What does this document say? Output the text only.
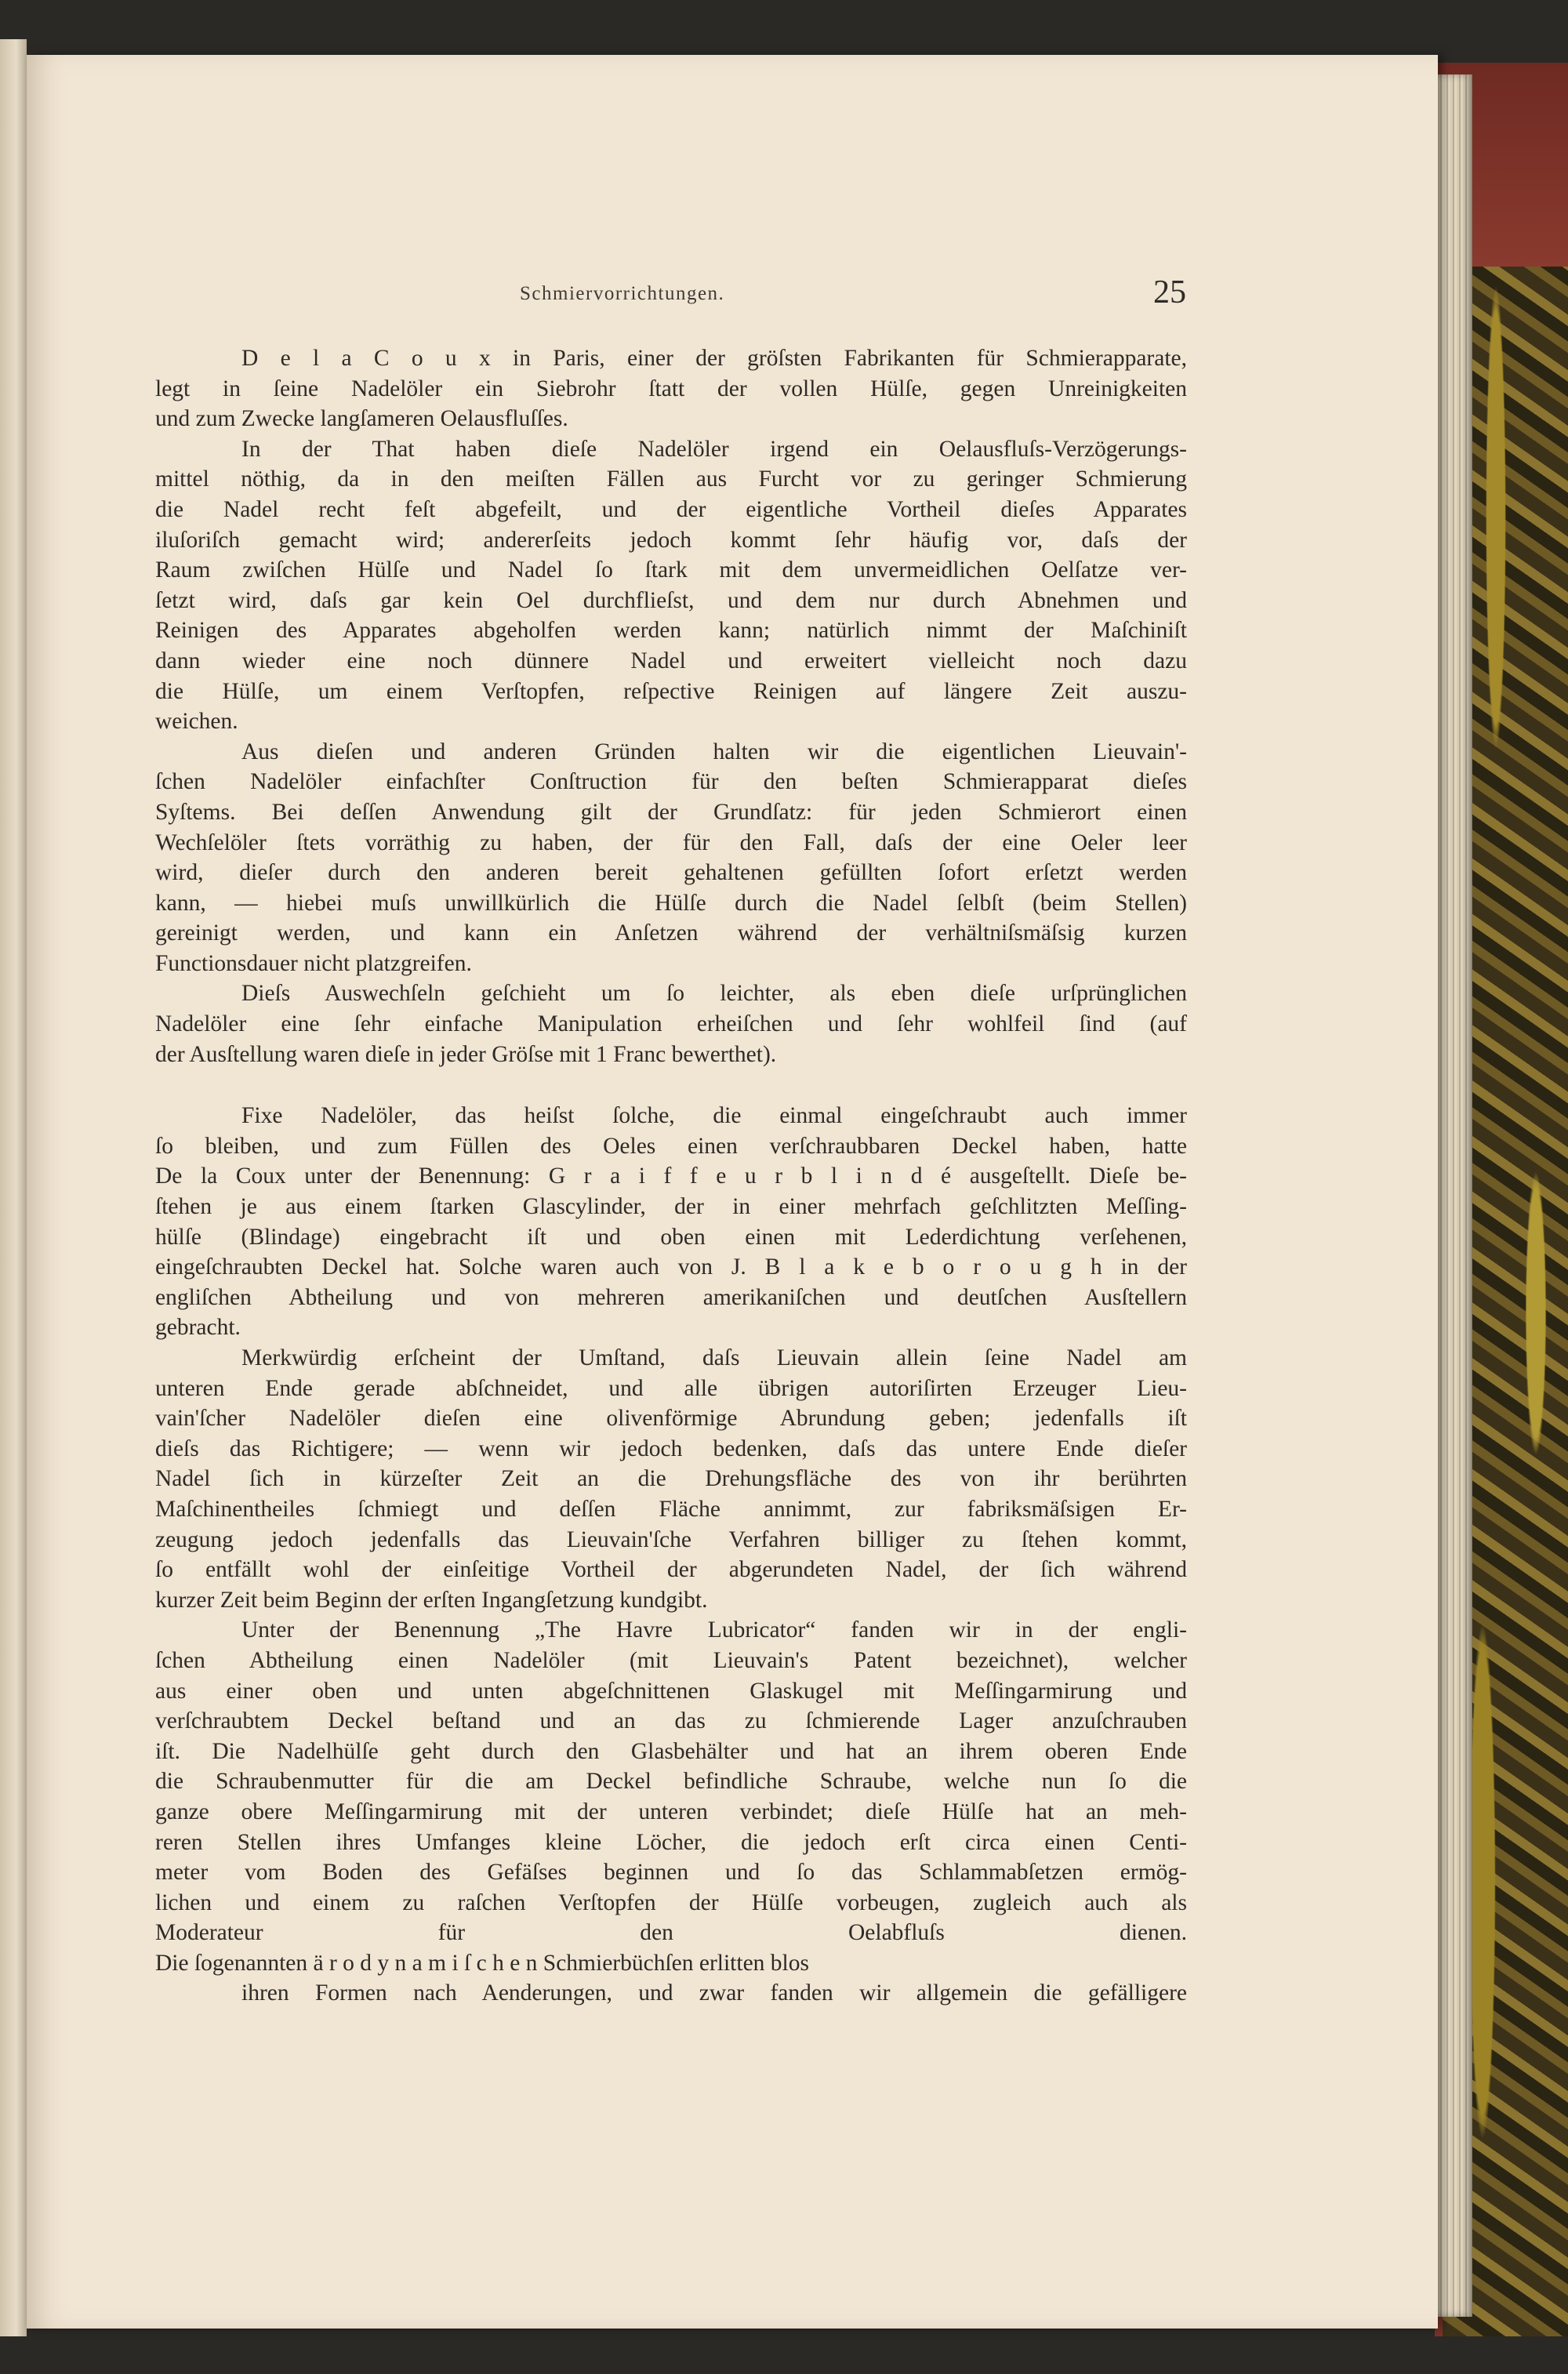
Schmiervorrichtungen.	25
D e l a C o u x in Paris, einer der gröſsten Fabrikanten für Schmierapparate,
legt in ſeine Nadelöler ein Siebrohr ſtatt der vollen Hülſe, gegen Unreinigkeiten
und zum Zwecke langſameren Oelausfluſſes.
In der That haben dieſe Nadelöler irgend ein Oelausfluſs-Verzögerungs-
mittel nöthig, da in den meiſten Fällen aus Furcht vor zu geringer Schmierung
die Nadel recht feſt abgefeilt, und der eigentliche Vortheil dieſes Apparates
iluſoriſch gemacht wird; andererſeits jedoch kommt ſehr häufig vor, daſs der
Raum zwiſchen Hülſe und Nadel ſo ſtark mit dem unvermeidlichen Oelſatze ver-
ſetzt wird, daſs gar kein Oel durchflieſst, und dem nur durch Abnehmen und
Reinigen des Apparates abgeholfen werden kann; natürlich nimmt der Maſchiniſt
dann wieder eine noch dünnere Nadel und erweitert vielleicht noch dazu
die Hülſe, um einem Verſtopfen, reſpective Reinigen auf längere Zeit auszu-
weichen.
Aus dieſen und anderen Gründen halten wir die eigentlichen Lieuvain'-
ſchen Nadelöler einfachſter Conſtruction für den beſten Schmierapparat dieſes
Syſtems. Bei deſſen Anwendung gilt der Grundſatz: für jeden Schmierort einen
Wechſelöler ſtets vorräthig zu haben, der für den Fall, daſs der eine Oeler leer
wird, dieſer durch den anderen bereit gehaltenen gefüllten ſofort erſetzt werden
kann, — hiebei muſs unwillkürlich die Hülſe durch die Nadel ſelbſt (beim Stellen)
gereinigt werden, und kann ein Anſetzen während der verhältniſsmäſsig kurzen
Functionsdauer nicht platzgreifen.
Dieſs Auswechſeln geſchieht um ſo leichter, als eben dieſe urſprünglichen
Nadelöler eine ſehr einfache Manipulation erheiſchen und ſehr wohlfeil ſind (auf
der Ausſtellung waren dieſe in jeder Gröſse mit 1 Franc bewerthet).
Fixe Nadelöler, das heiſst ſolche, die einmal eingeſchraubt auch immer
ſo bleiben, und zum Füllen des Oeles einen verſchraubbaren Deckel haben, hatte
De la Coux unter der Benennung: G r a i f f e u r b l i n d é ausgeſtellt. Dieſe be-
ſtehen je aus einem ſtarken Glascylinder, der in einer mehrfach geſchlitzten Meſſing-
hülſe (Blindage) eingebracht iſt und oben einen mit Lederdichtung verſehenen,
eingeſchraubten Deckel hat. Solche waren auch von J. B l a k e b o r o u g h in der
engliſchen Abtheilung und von mehreren amerikaniſchen und deutſchen Ausſtellern
gebracht.
Merkwürdig erſcheint der Umſtand, daſs Lieuvain allein ſeine Nadel am
unteren Ende gerade abſchneidet, und alle übrigen autoriſirten Erzeuger Lieu-
vain'ſcher Nadelöler dieſen eine olivenförmige Abrundung geben; jedenfalls iſt
dieſs das Richtigere; — wenn wir jedoch bedenken, daſs das untere Ende dieſer
Nadel ſich in kürzeſter Zeit an die Drehungsfläche des von ihr berührten
Maſchinentheiles ſchmiegt und deſſen Fläche annimmt, zur fabriksmäſsigen Er-
zeugung jedoch jedenfalls das Lieuvain'ſche Verfahren billiger zu ſtehen kommt,
ſo entfällt wohl der einſeitige Vortheil der abgerundeten Nadel, der ſich während
kurzer Zeit beim Beginn der erſten Ingangſetzung kundgibt.
Unter der Benennung „The Havre Lubricator“ fanden wir in der engli-
ſchen Abtheilung einen Nadelöler (mit Lieuvain's Patent bezeichnet), welcher
aus einer oben und unten abgeſchnittenen Glaskugel mit Meſſingarmirung und
verſchraubtem Deckel beſtand und an das zu ſchmierende Lager anzuſchrauben
iſt. Die Nadelhülſe geht durch den Glasbehälter und hat an ihrem oberen Ende
die Schraubenmutter für die am Deckel befindliche Schraube, welche nun ſo die
ganze obere Meſſingarmirung mit der unteren verbindet; dieſe Hülſe hat an meh-
reren Stellen ihres Umfanges kleine Löcher, die jedoch erſt circa einen Centi-
meter vom Boden des Gefäſses beginnen und ſo das Schlammabſetzen ermög-
lichen und einem zu raſchen Verſtopfen der Hülſe vorbeugen, zugleich auch als
Moderateur für den Oelabfluſs dienen.
Die ſogenannten ä r o d y n a m i ſ c h e n Schmierbüchſen erlitten blos
ihren Formen nach Aenderungen, und zwar fanden wir allgemein die gefälligere
